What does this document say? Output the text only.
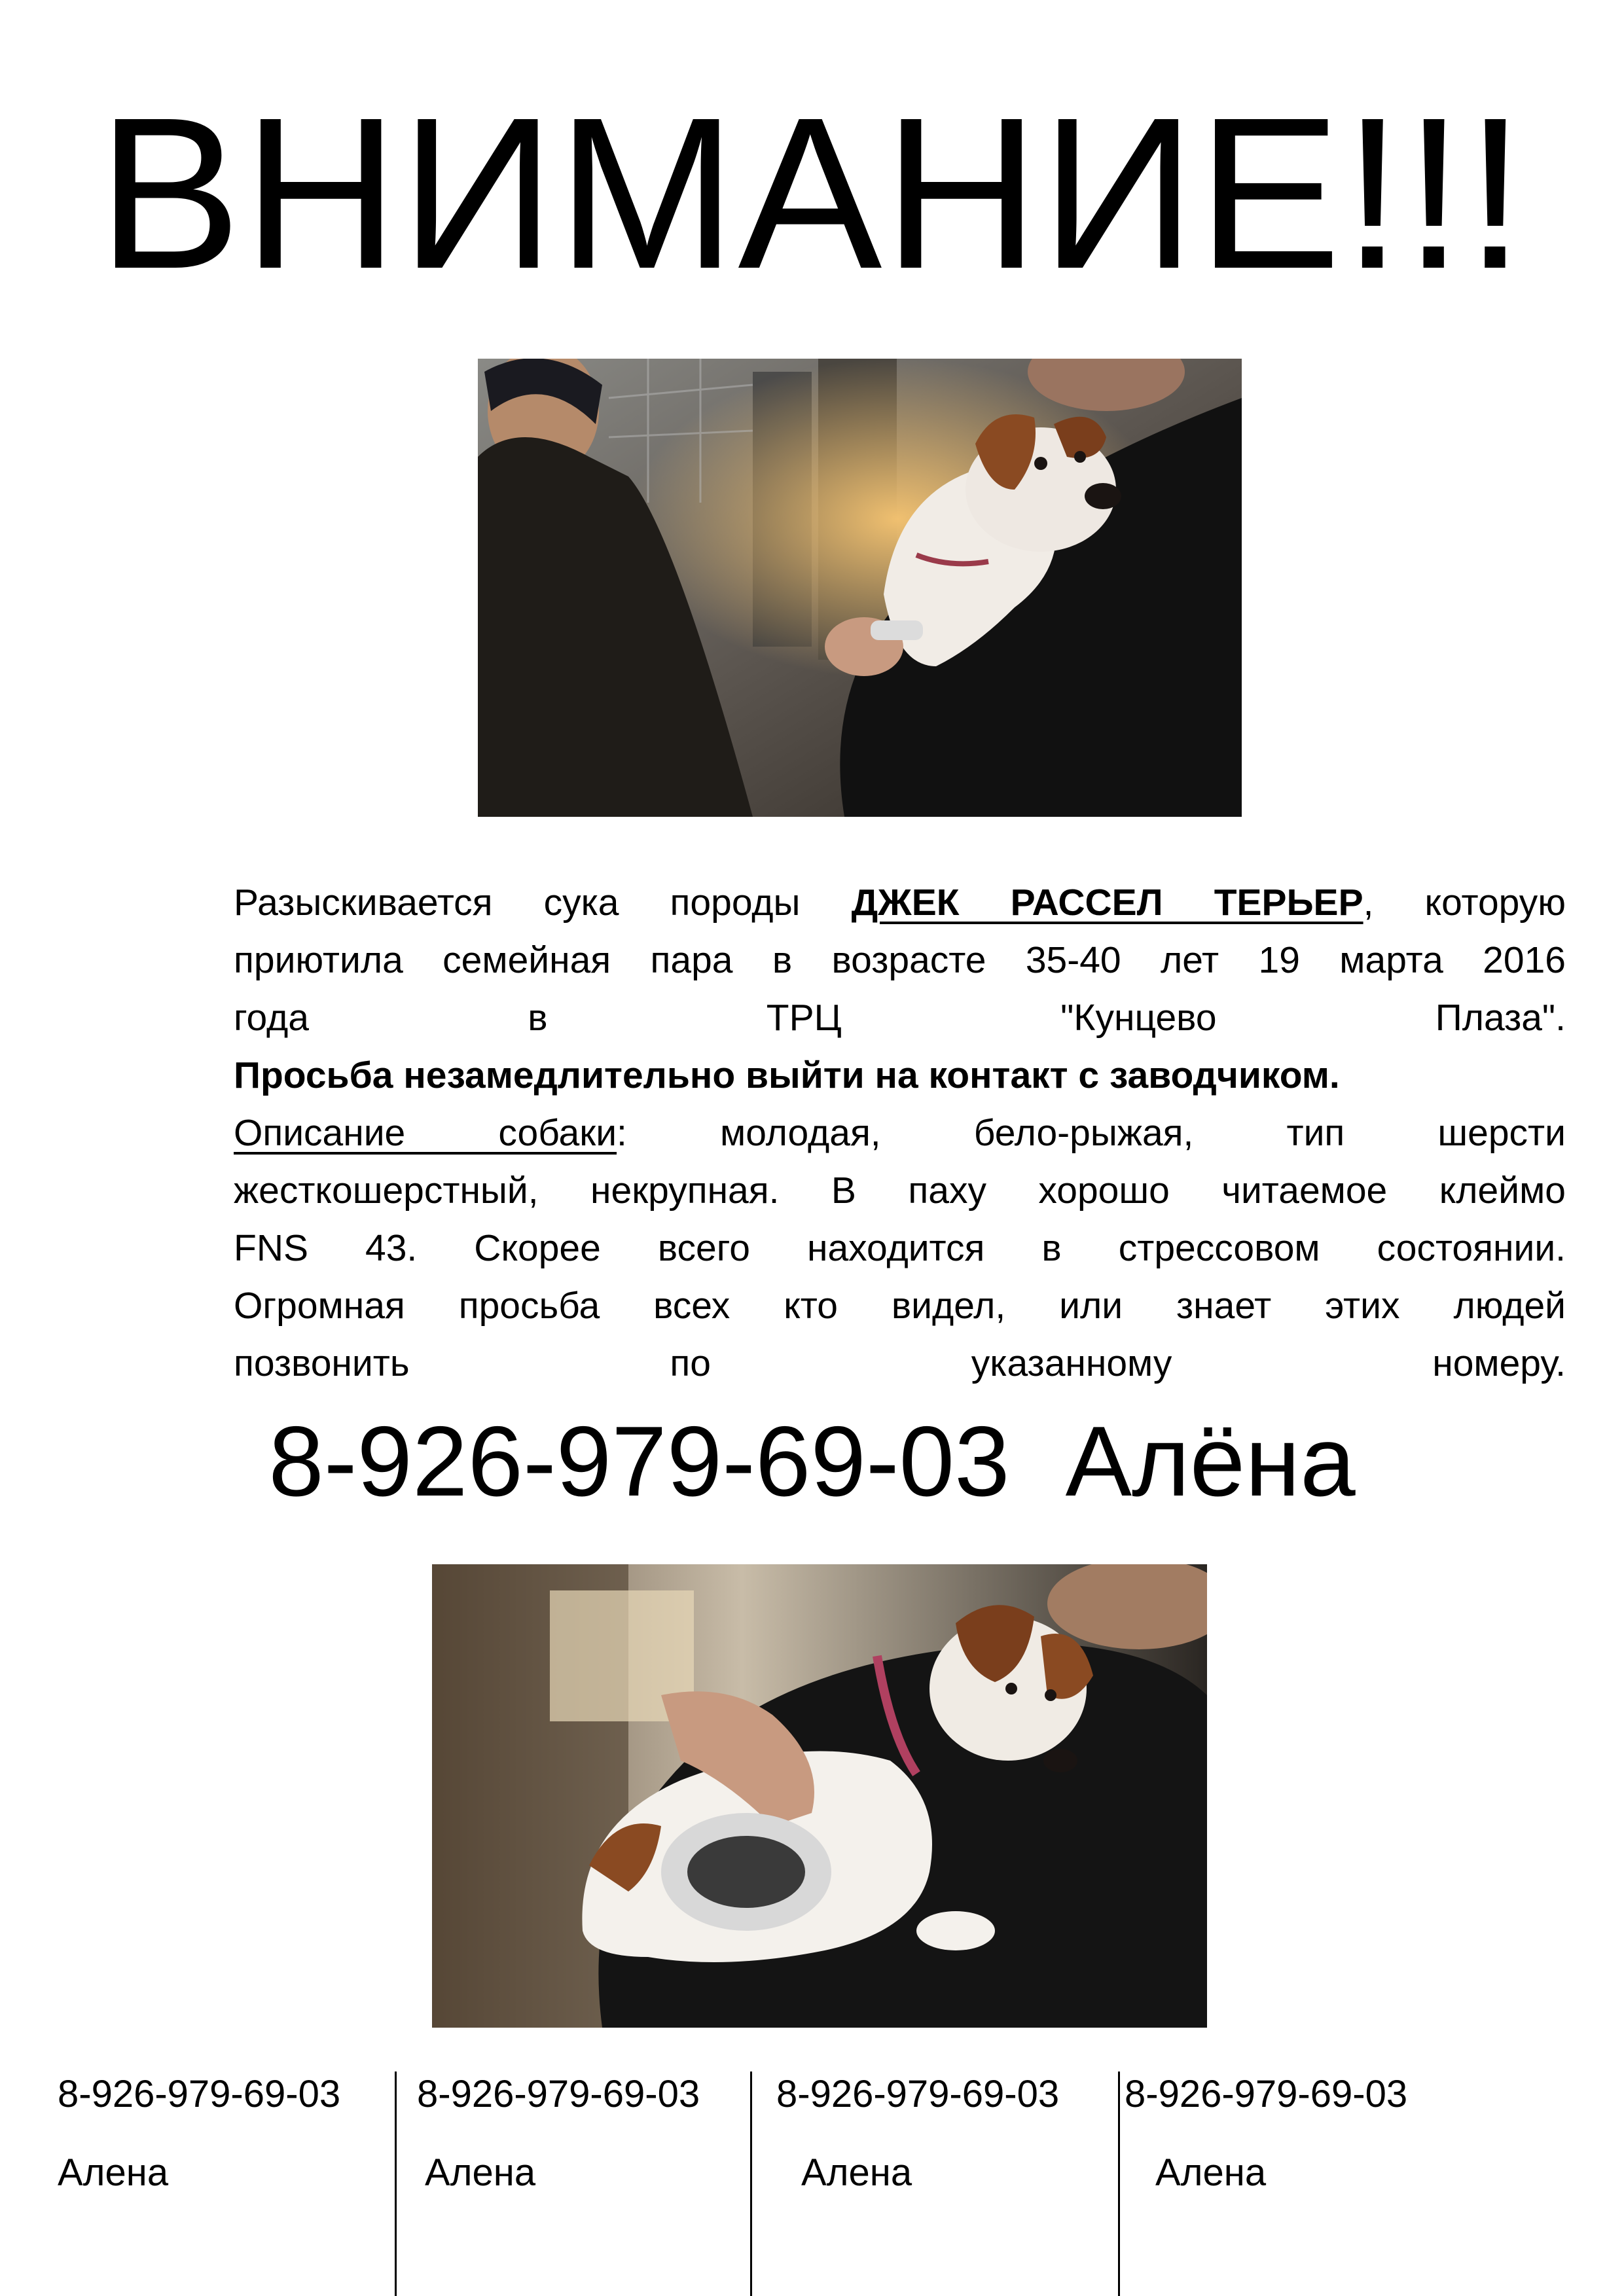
ВНИМАНИЕ!!!
Разыскивается сука породы ДЖЕК РАССЕЛ ТЕРЬЕР, которую
приютила семейная пара в возрасте 35-40 лет 19 марта 2016
года в ТРЦ "Кунцево Плаза".
Просьба незамедлительно выйти на контакт с заводчиком.
Описание собаки: молодая, бело-рыжая, тип шерсти
жесткошерстный, некрупная. В паху хорошо читаемое клеймо
FNS 43. Скорее всего находится в стрессовом состоянии.
Огромная просьба всех кто видел, или знает этих людей
позвонить по указанному номеру.

8-926-979-69-03 Алёна

8-926-979-69-03
Алена
8-926-979-69-03
Алена
8-926-979-69-03
Алена
8-926-979-69-03
Алена
